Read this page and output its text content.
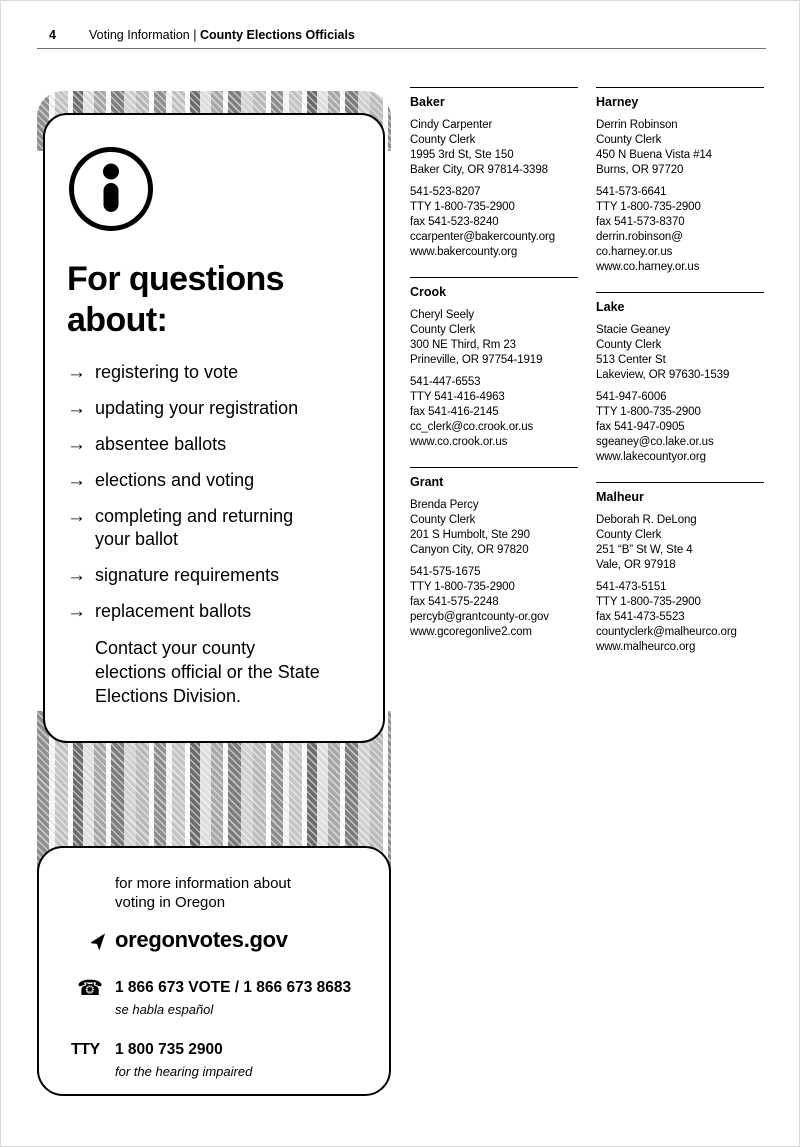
4	Voting Information | County Elections Officials
For questions about:
→ registering to vote
→ updating your registration
→ absentee ballots
→ elections and voting
→ completing and returning your ballot
→ signature requirements
→ replacement ballots

Contact your county elections official or the State Elections Division.

for more information about voting in Oregon
oregonvotes.gov
☎ 1 866 673 VOTE / 1 866 673 8683
se habla español
TTY 1 800 735 2900
for the hearing impaired
Baker
Cindy Carpenter
County Clerk
1995 3rd St, Ste 150
Baker City, OR 97814-3398
541-523-8207
TTY 1-800-735-2900
fax 541-523-8240
ccarpenter@bakercounty.org
www.bakercounty.org
Crook
Cheryl Seely
County Clerk
300 NE Third, Rm 23
Prineville, OR 97754-1919
541-447-6553
TTY 541-416-4963
fax 541-416-2145
cc_clerk@co.crook.or.us
www.co.crook.or.us
Grant
Brenda Percy
County Clerk
201 S Humbolt, Ste 290
Canyon City, OR 97820
541-575-1675
TTY 1-800-735-2900
fax 541-575-2248
percyb@grantcounty-or.gov
www.gcoregonlive2.com
Harney
Derrin Robinson
County Clerk
450 N Buena Vista #14
Burns, OR 97720
541-573-6641
TTY 1-800-735-2900
fax 541-573-8370
derrin.robinson@
co.harney.or.us
www.co.harney.or.us
Lake
Stacie Geaney
County Clerk
513 Center St
Lakeview, OR 97630-1539
541-947-6006
TTY 1-800-735-2900
fax 541-947-0905
sgeaney@co.lake.or.us
www.lakecountyor.org
Malheur
Deborah R. DeLong
County Clerk
251 “B” St W, Ste 4
Vale, OR 97918
541-473-5151
TTY 1-800-735-2900
fax 541-473-5523
countyclerk@malheurco.org
www.malheurco.org
